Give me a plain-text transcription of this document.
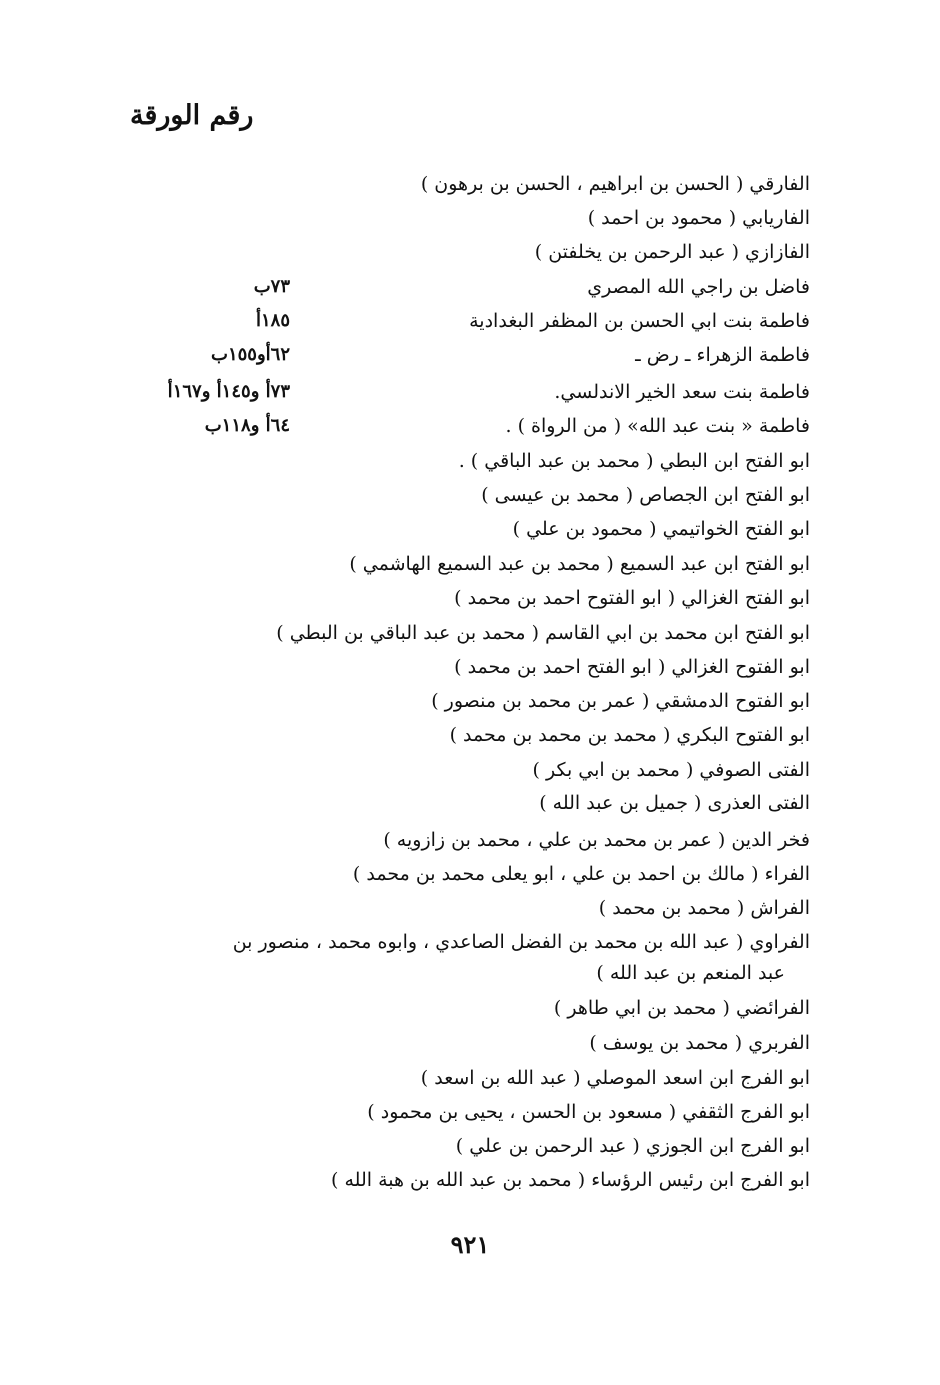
رقم الورقة
الفارقي ( الحسن بن ابراهيم ، الحسن بن برهون )
الفاريابي ( محمود بن احمد )
الفازازي ( عبد الرحمن بن يخلفتن )
فاضل بن راجي الله المصري
٧٣ب
فاطمة بنت ابي الحسن بن المظفر البغدادية
١٨٥أ
فاطمة الزهراء ـ رض ـ
٦٢أو١٥٥ب
فاطمة بنت سعد الخير الاندلسي.
٧٣أ و١٤٥أ و١٦٧أ
فاطمة « بنت عبد الله» ( من الرواة ) .
٦٤أ و١١٨ب
ابو الفتح ابن البطي ( محمد بن عبد الباقي ) .
ابو الفتح ابن الجصاص ( محمد بن عيسى )
ابو الفتح الخواتيمي ( محمود بن علي )
ابو الفتح ابن عبد السميع ( محمد بن عبد السميع الهاشمي )
ابو الفتح الغزالي ( ابو الفتوح احمد بن محمد )
ابو الفتح ابن محمد بن ابي القاسم ( محمد بن عبد الباقي بن البطي )
ابو الفتوح الغزالي ( ابو الفتح احمد بن محمد )
ابو الفتوح الدمشقي ( عمر بن محمد بن منصور )
ابو الفتوح البكري ( محمد بن محمد بن محمد )
الفتى الصوفي ( محمد بن ابي بكر )
الفتى العذرى ( جميل بن عبد الله )
فخر الدين ( عمر بن محمد بن علي ، محمد بن زازويه )
الفراء ( مالك بن احمد بن علي ، ابو يعلى محمد بن محمد )
الفراش ( محمد بن محمد )
الفراوي ( عبد الله بن محمد بن الفضل الصاعدي ، وابوه محمد ، منصور بن
عبد المنعم بن عبد الله )
الفرائضي ( محمد بن ابي طاهر )
الفربري ( محمد بن يوسف )
ابو الفرج ابن اسعد الموصلي ( عبد الله بن اسعد )
ابو الفرج الثقفي ( مسعود بن الحسن ، يحيى بن محمود )
ابو الفرج ابن الجوزي ( عبد الرحمن بن علي )
ابو الفرج ابن رئيس الرؤساء ( محمد بن عبد الله بن هبة الله )
٩٢١
